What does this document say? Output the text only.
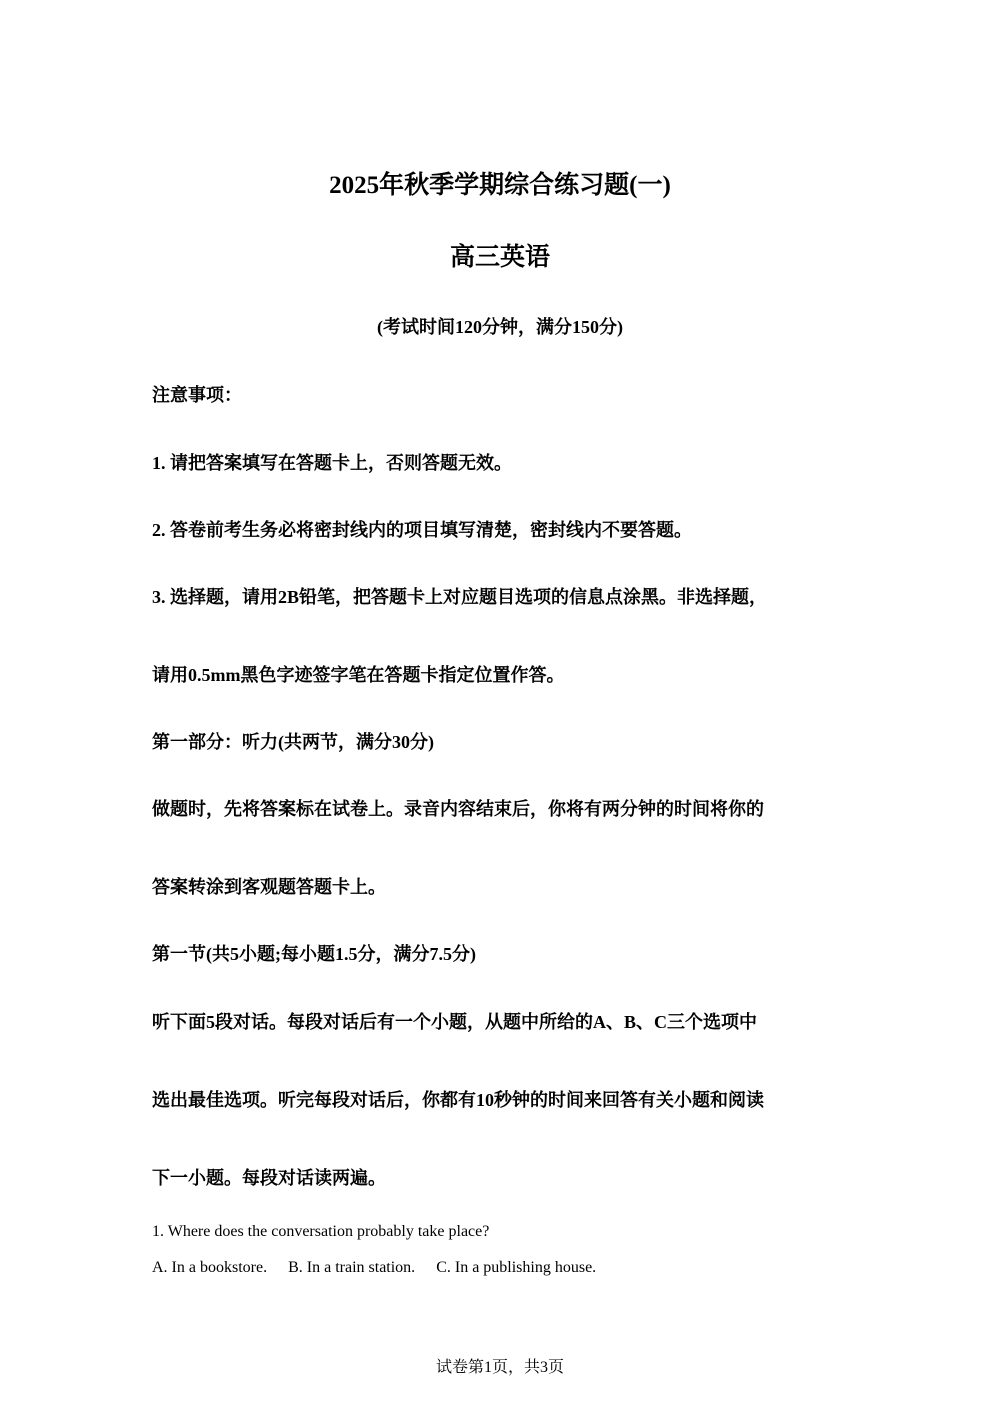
2025年秋季学期综合练习题(一)
高三英语
(考试时间120分钟，满分150分)
注意事项：
1. 请把答案填写在答题卡上，否则答题无效。
2. 答卷前考生务必将密封线内的项目填写清楚，密封线内不要答题。
3. 选择题，请用2B铅笔，把答题卡上对应题目选项的信息点涂黑。非选择题，
请用0.5mm黑色字迹签字笔在答题卡指定位置作答。
第一部分：听力(共两节，满分30分)
做题时，先将答案标在试卷上。录音内容结束后，你将有两分钟的时间将你的
答案转涂到客观题答题卡上。
第一节(共5小题;每小题1.5分，满分7.5分)
听下面5段对话。每段对话后有一个小题，从题中所给的A、B、C三个选项中
选出最佳选项。听完每段对话后，你都有10秒钟的时间来回答有关小题和阅读
下一小题。每段对话读两遍。
1. Where does the conversation probably take place?
A. In a bookstore. B. In a train station. C. In a publishing house.
试卷第1页，共3页
